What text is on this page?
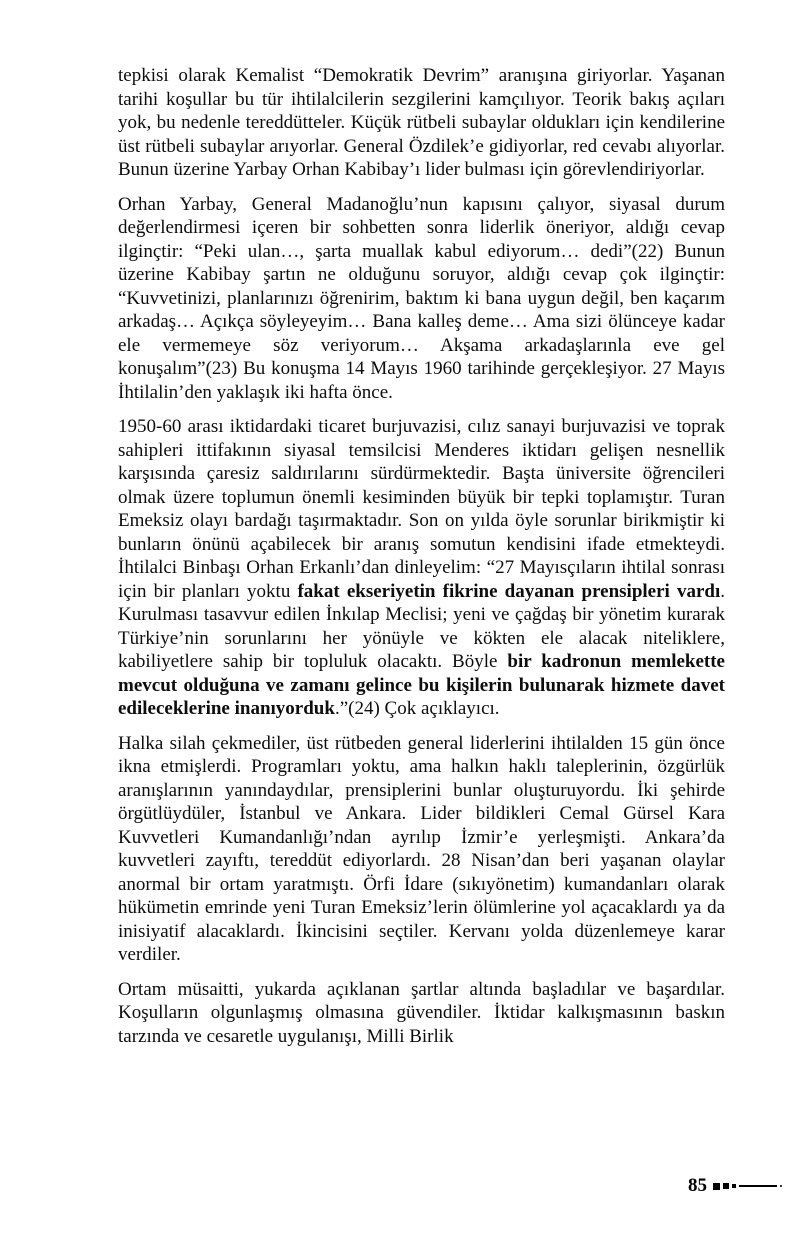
tepkisi olarak Kemalist “Demokratik Devrim” aranışına giriyorlar. Yaşanan tarihi koşullar bu tür ihtilalcilerin sezgilerini kamçılıyor. Teorik bakış açıları yok, bu nedenle tereddütteler. Küçük rütbeli subaylar oldukları için kendilerine üst rütbeli subaylar arıyorlar. General Özdilek’e gidiyorlar, red cevabı alıyorlar. Bunun üzerine Yarbay Orhan Kabibay’ı lider bulması için görevlendiriyorlar.

Orhan Yarbay, General Madanoğlu’nun kapısını çalıyor, siyasal durum değerlendirmesi içeren bir sohbetten sonra liderlik öneriyor, aldığı cevap ilginçtir: “Peki ulan…, şarta muallak kabul ediyorum… dedi”(22) Bunun üzerine Kabibay şartın ne olduğunu soruyor, aldığı cevap çok ilginçtir: “Kuvvetinizi, planlarınızı öğrenirim, baktım ki bana uygun değil, ben kaçarım arkadaş… Açıkça söyleyeyim… Bana kalleş deme… Ama sizi ölünceye kadar ele vermemeye söz veriyorum… Akşama arkadaşlarınla eve gel konuşalım”(23) Bu konuşma 14 Mayıs 1960 tarihinde gerçekleşiyor. 27 Mayıs İhtilalin’den yaklaşık iki hafta önce.

1950-60 arası iktidardaki ticaret burjuvazisi, cılız sanayi burjuvazisi ve toprak sahipleri ittifakının siyasal temsilcisi Menderes iktidarı gelişen nesnellik karşısında çaresiz saldırılarını sürdürmektedir. Başta üniversite öğrencileri olmak üzere toplumun önemli kesiminden büyük bir tepki toplamıştır. Turan Emeksiz olayı bardağı taşırmaktadır. Son on yılda öyle sorunlar birikmiştir ki bunların önünü açabilecek bir aranış somutun kendisini ifade etmekteydi. İhtilalci Binbaşı Orhan Erkanlı’dan dinleyelim: “27 Mayısçıların ihtilal sonrası için bir planları yoktu fakat ekseriyetin fikrine dayanan prensipleri vardı. Kurulması tasavvur edilen İnkılap Meclisi; yeni ve çağdaş bir yönetim kurarak Türkiye’nin sorunlarını her yönüyle ve kökten ele alacak niteliklere, kabiliyetlere sahip bir topluluk olacaktı. Böyle bir kadronun memlekette mevcut olduğuna ve zamanı gelince bu kişilerin bulunarak hizmete davet edileceklerine inanıyorduk.”(24) Çok açıklayıcı.

Halka silah çekmediler, üst rütbeden general liderlerini ihtilalden 15 gün önce ikna etmişlerdi. Programları yoktu, ama halkın haklı taleplerinin, özgürlük aranışlarının yanındaydılar, prensiplerini bunlar oluşturuyordu. İki şehirde örgütlüydüler, İstanbul ve Ankara. Lider bildikleri Cemal Gürsel Kara Kuvvetleri Kumandanlığı’ndan ayrılıp İzmir’e yerleşmişti. Ankara’da kuvvetleri zayıftı, tereddüt ediyorlardı. 28 Nisan’dan beri yaşanan olaylar anormal bir ortam yaratmıştı. Örfi İdare (sıkıyönetim) kumandanları olarak hükümetin emrinde yeni Turan Emeksiz’lerin ölümlerine yol açacaklardı ya da inisiyatif alacaklardı. İkincisini seçtiler. Kervanı yolda düzenlemeye karar verdiler.

Ortam müsaitti, yukarda açıklanan şartlar altında başladılar ve başardılar. Koşulların olgunlaşmış olmasına güvendiler. İktidar kalkışmasının baskın tarzında ve cesaretle uygulanışı, Milli Birlik

85
